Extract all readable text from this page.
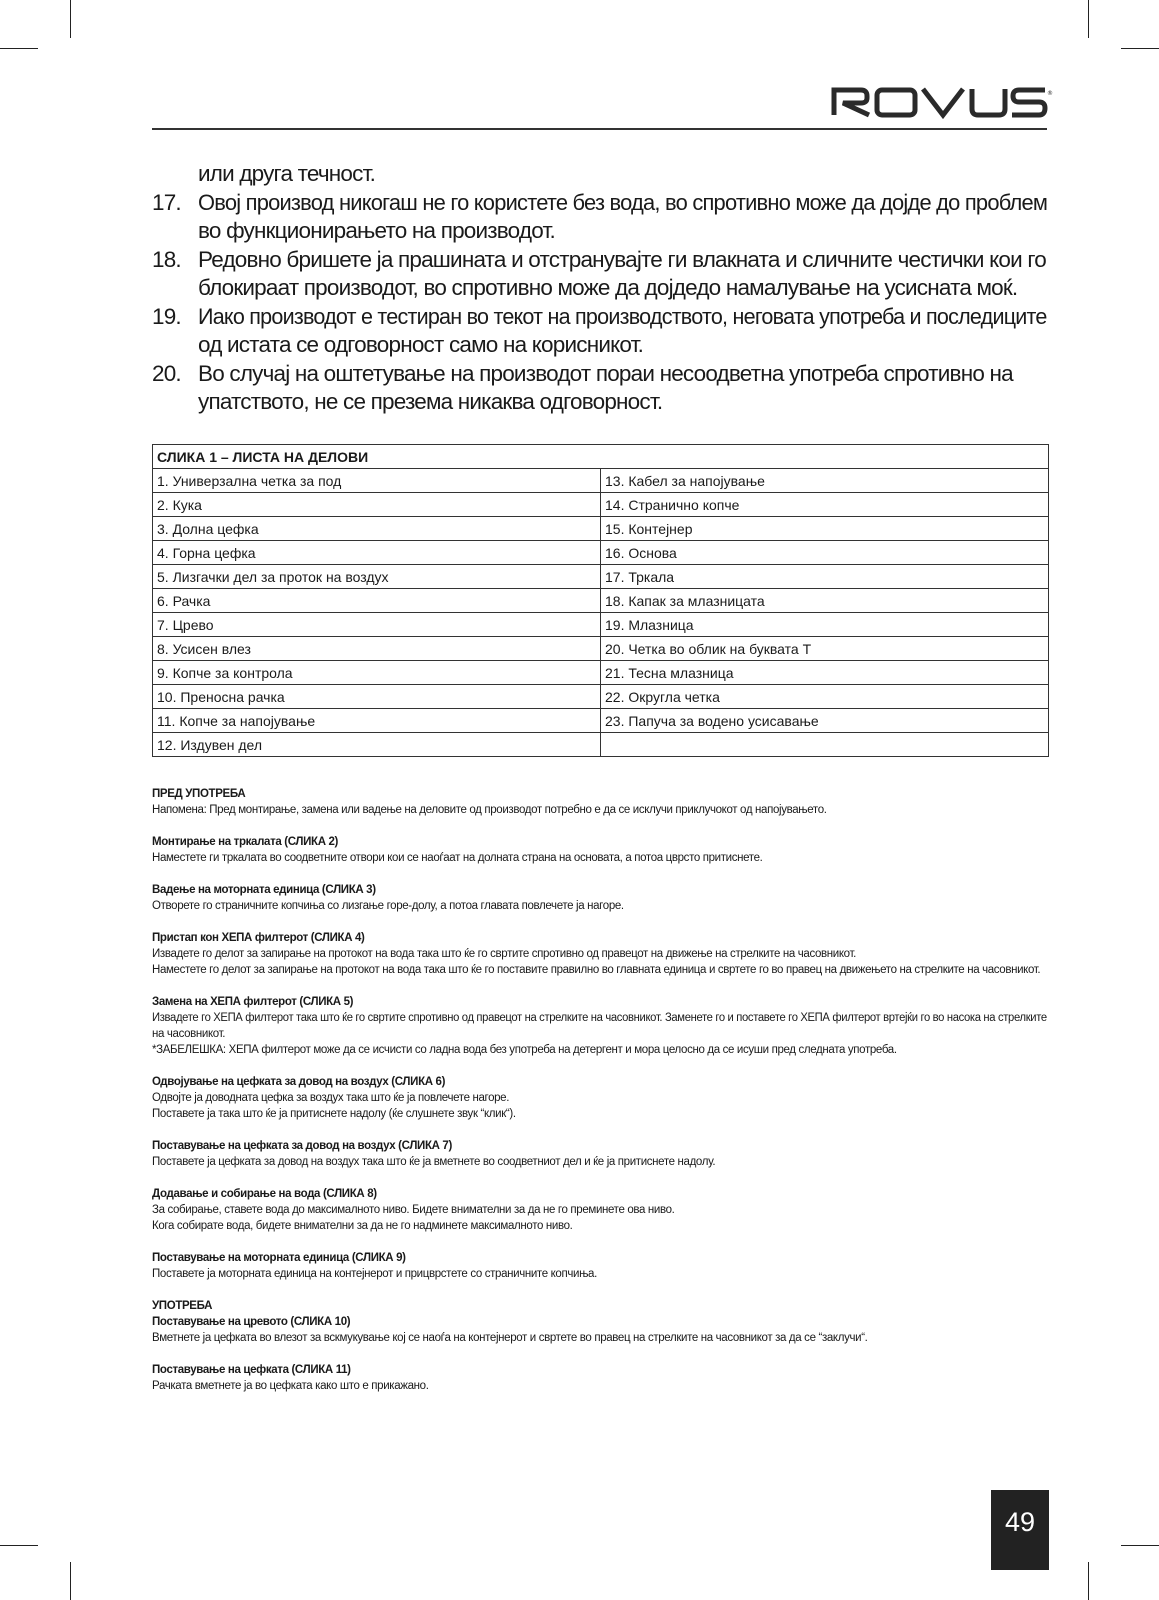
®
или друга течност.
17. Овој производ никогаш не го користете без вода, во спротивно може да дојде до проблем
во функционирањето на производот.
18. Редовно бришете ја прашината и отстранувајте ги влакната и сличните честички кои го
блокираат производот, во спротивно може да дојдедо намалување на усисната моќ.
19. Иако производот е тестиран во текот на производството, неговата употреба и последиците
од истата се одговорност само на корисникот.
20. Во случај на оштетување на производот пораи несоодветна употреба спротивно на
упатството, не се презема никаква одговорност.
СЛИКА 1 – ЛИСТА НА ДЕЛОВИ	
1. Универзална четка за под	13. Кабел за напојување
2. Кука	14. Странично копче
3. Долна цефка	15. Контејнер
4. Горна цефка	16. Основа
5. Лизгачки дел за проток на воздух	17. Тркала
6. Рачка	18. Капак за млазницата
7. Црево	19. Млазница
8. Усисен влез	20. Четка во облик на буквата Т
9. Копче за контрола	21. Тесна млазница
10. Преносна рачка	22. Округла четка
11. Копче за напојување	23. Папуча за водено усисавање
12. Издувен дел	
ПРЕД УПОТРЕБА

Напомена: Пред монтирање, замена или вадење на деловите од производот потребно е да се исклучи приклучокот од напојувањето.

Монтирање на тркалата (СЛИКА 2)

Наместете ги тркалата во соодветните отвори кои се наоѓаат на долната страна на основата, а потоа цврсто притиснете.

Вадење на моторната единица (СЛИКА 3)

Отворете го страничните копчиња со лизгање горе-долу, а потоа главата повлечете ја нагоре.

Пристап кон ХЕПА филтерот (СЛИКА 4)

Извадете го делот за запирање на протокот на вода така што ќе го свртите спротивно од правецот на движење на стрелките на часовникот.

Наместете го делот за запирање на протокот на вода така што ќе го поставите правилно во главната единица и свртете го во правец на движењето на стрелките на часовникот.

Замена на ХЕПА филтерот (СЛИКА 5)

Извадете го ХЕПА филтерот така што ќе го свртите спротивно од правецот на стрелките на часовникот. Заменете го и поставете го ХЕПА филтерот вртејќи го во насока на стрелките

на часовникот.

*ЗАБЕЛЕШКА: ХЕПА филтерот може да се исчисти со ладна вода без употреба на детергент и мора целосно да се исуши пред следната употреба.

Одвојување на цефката за довод на воздух (СЛИКА 6)

Одвојте ја доводната цефка за воздух така што ќе ја повлечете нагоре.

Поставете ја така што ќе ја притиснете надолу (ќе слушнете звук “клик“).

Поставување на цефката за довод на воздух (СЛИКА 7)

Поставете ја цефката за довод на воздух така што ќе ја вметнете во соодветниот дел и ќе ја притиснете надолу.

Додавање и собирање на вода (СЛИКА 8)

За собирање, ставете вода до максималното ниво. Бидете внимателни за да не го преминете ова ниво.

Кога собирате вода, бидете внимателни за да не го надминете максималното ниво.

Поставување на моторната единица (СЛИКА 9)

Поставете ја моторната единица на контејнерот и прицврстете со страничните копчиња.

УПОТРЕБА
Поставување на цревото (СЛИКА 10)

Вметнете ја цефката во влезот за вскмукување кој се наоѓа на контејнерот и свртете во правец на стрелките на часовникот за да се “заклучи“.

Поставување на цефката (СЛИКА 11)

Рачката вметнете ја во цефката како што е прикажано.

49
